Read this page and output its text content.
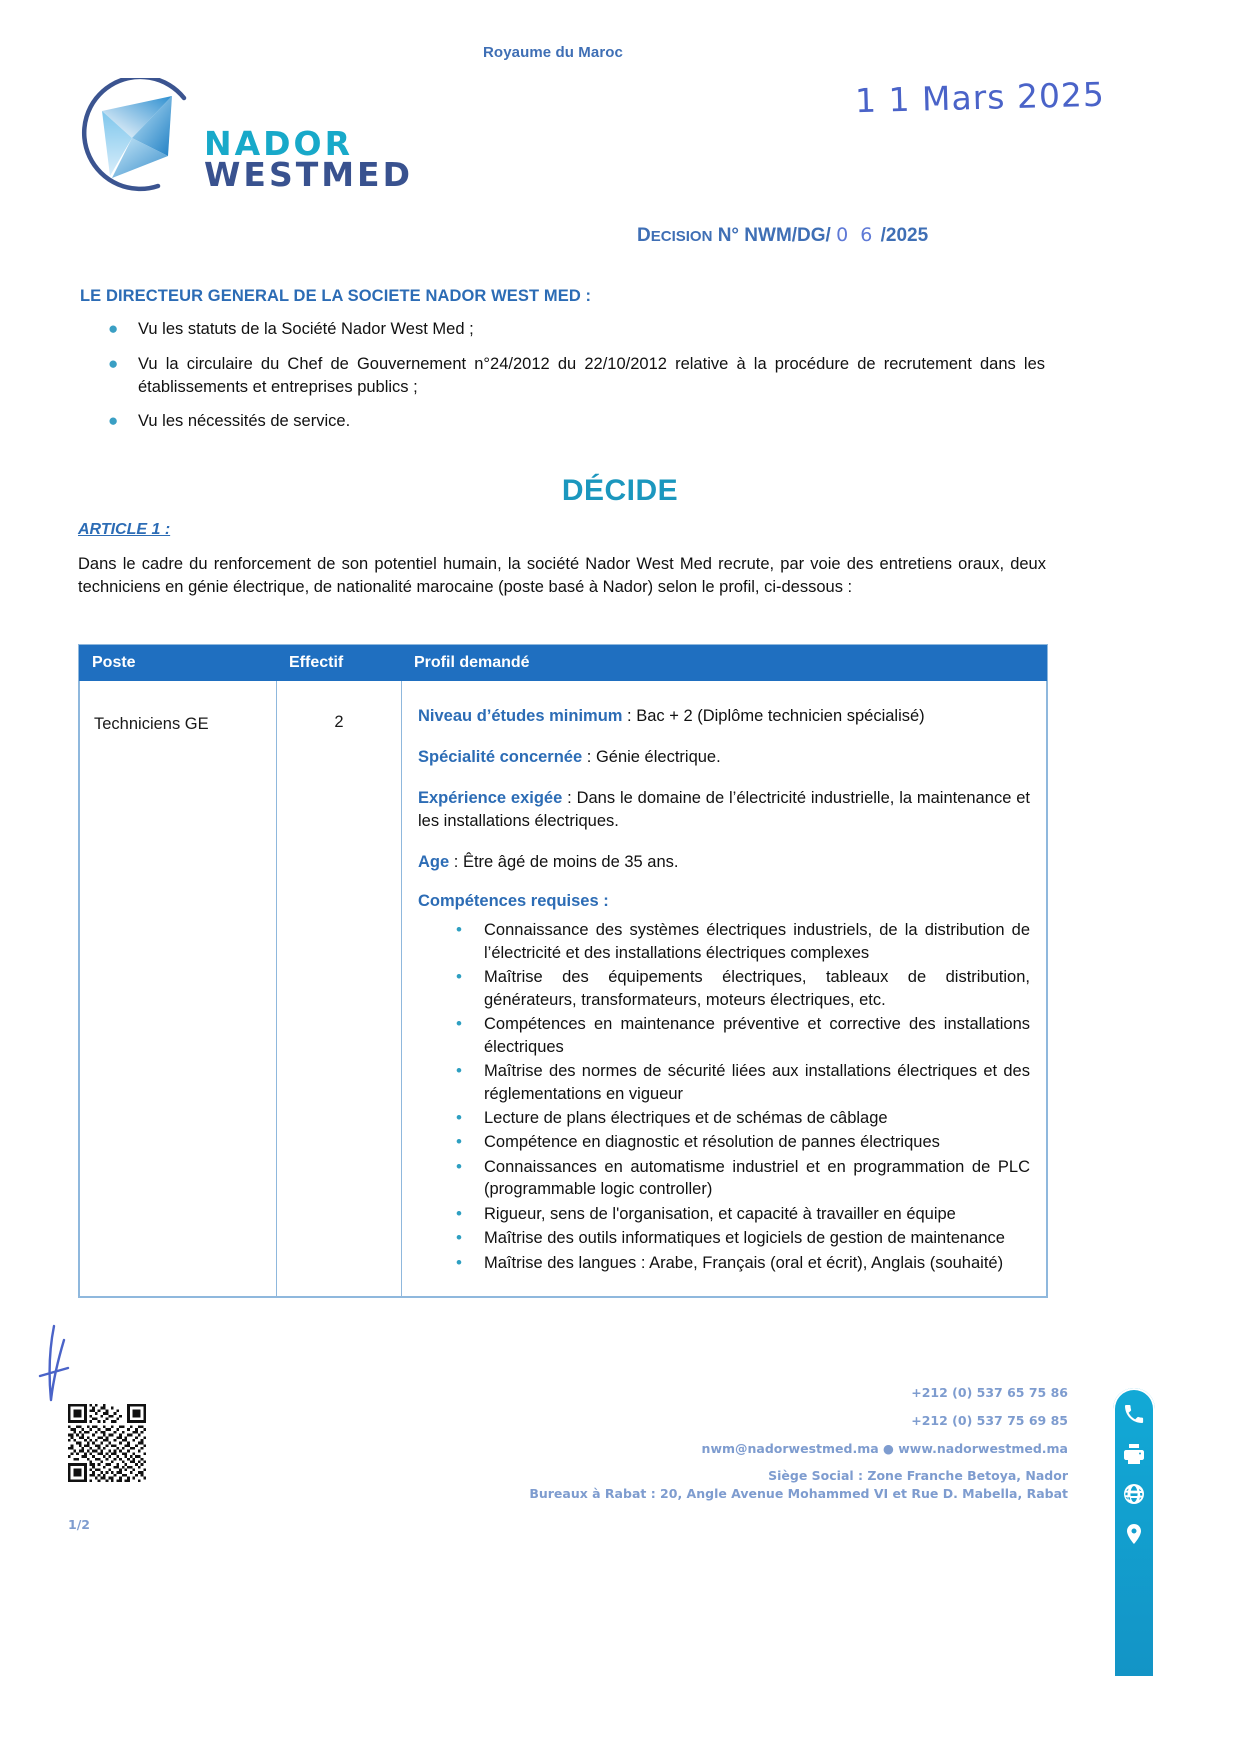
Royaume du Maroc
1 1 Mars 2025
NADOR
WESTMED
DECISION N° NWM/DG/ 0 6 /2025
LE DIRECTEUR GENERAL DE LA SOCIETE NADOR WEST MED :
●	Vu les statuts de la Société Nador West Med ;
●	Vu la circulaire du Chef de Gouvernement n°24/2012 du 22/10/2012 relative à la procédure de recrutement dans les établissements et entreprises publics ;
●	Vu les nécessités de service.
DÉCIDE
ARTICLE 1 :
Dans le cadre du renforcement de son potentiel humain, la société Nador West Med recrute, par voie des entretiens oraux, deux techniciens en génie électrique, de nationalité marocaine (poste basé à Nador) selon le profil, ci-dessous :
Poste	Effectif	Profil demandé
Techniciens GE	2	Niveau d’études minimum : Bac + 2 (Diplôme technicien spécialisé)
Spécialité concernée : Génie électrique.
Expérience exigée : Dans le domaine de l’électricité industrielle, la maintenance et les installations électriques.
Age : Être âgé de moins de 35 ans.
Compétences requises :
• Connaissance des systèmes électriques industriels, de la distribution de l’électricité et des installations électriques complexes
• Maîtrise des équipements électriques, tableaux de distribution, générateurs, transformateurs, moteurs électriques, etc.
• Compétences en maintenance préventive et corrective des installations électriques
• Maîtrise des normes de sécurité liées aux installations électriques et des réglementations en vigueur
• Lecture de plans électriques et de schémas de câblage
• Compétence en diagnostic et résolution de pannes électriques
• Connaissances en automatisme industriel et en programmation de PLC (programmable logic controller)
• Rigueur, sens de l'organisation, et capacité à travailler en équipe
• Maîtrise des outils informatiques et logiciels de gestion de maintenance
• Maîtrise des langues : Arabe, Français (oral et écrit), Anglais (souhaité)
+212 (0) 537 65 75 86
+212 (0) 537 75 69 85
nwm@nadorwestmed.ma ● www.nadorwestmed.ma
Siège Social : Zone Franche Betoya, Nador
Bureaux à Rabat : 20, Angle Avenue Mohammed VI et Rue D. Mabella, Rabat
1/2
